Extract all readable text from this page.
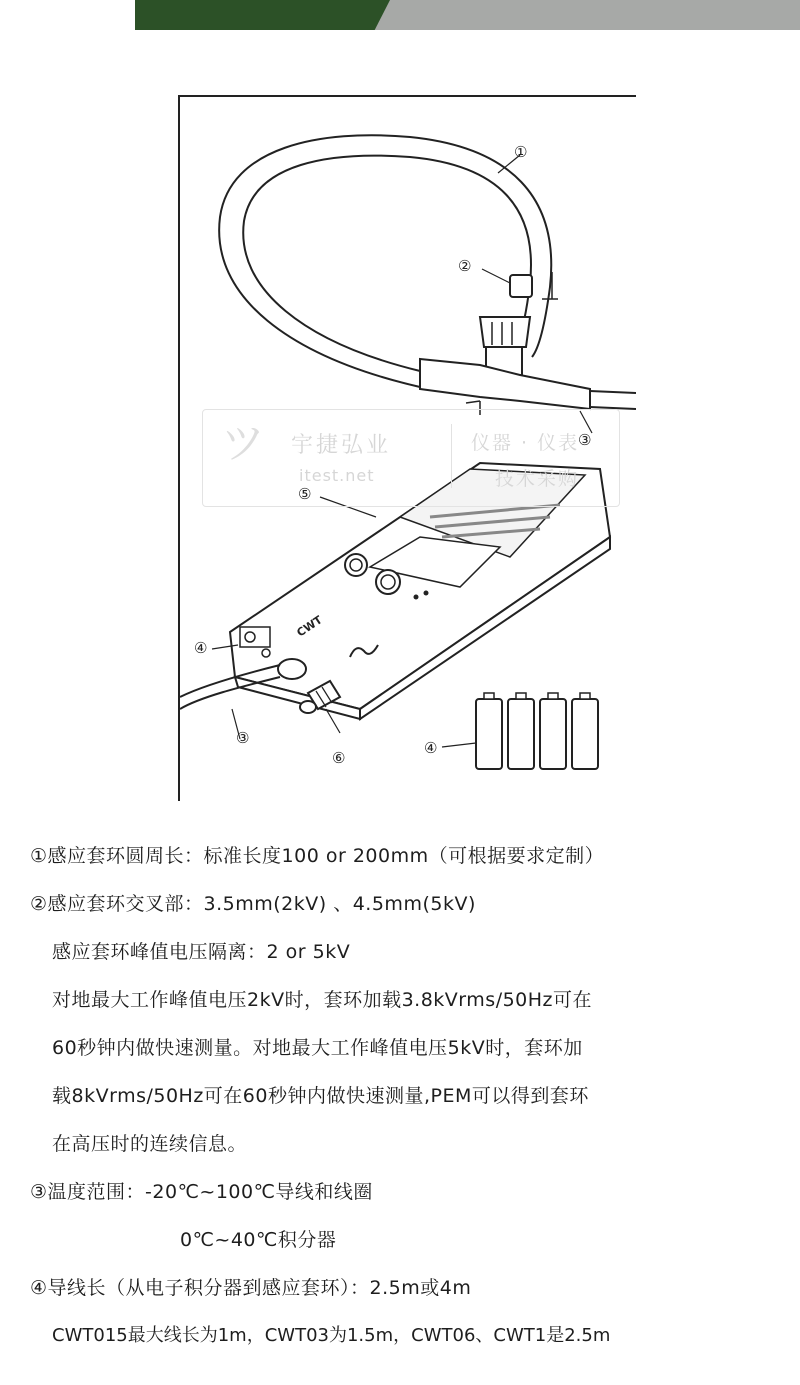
CWT
ツ 宇捷弘业
itest.net
仪器 · 仪表
技术采购
①
②
③
⑤
④
③
⑥
④
①感应套环圆周长：标准长度100 or 200mm（可根据要求定制）
②感应套环交叉部：3.5mm(2kV) 、4.5mm(5kV)
感应套环峰值电压隔离：2 or 5kV
对地最大工作峰值电压2kV时，套环加载3.8kVrms/50Hz可在
60秒钟内做快速测量。对地最大工作峰值电压5kV时，套环加
载8kVrms/50Hz可在60秒钟内做快速测量,PEM可以得到套环
在高压时的连续信息。
③温度范围：-20℃~100℃导线和线圈
0℃~40℃积分器
④导线长（从电子积分器到感应套环）：2.5m或4m
CWT015最大线长为1m，CWT03为1.5m，CWT06、CWT1是2.5m
